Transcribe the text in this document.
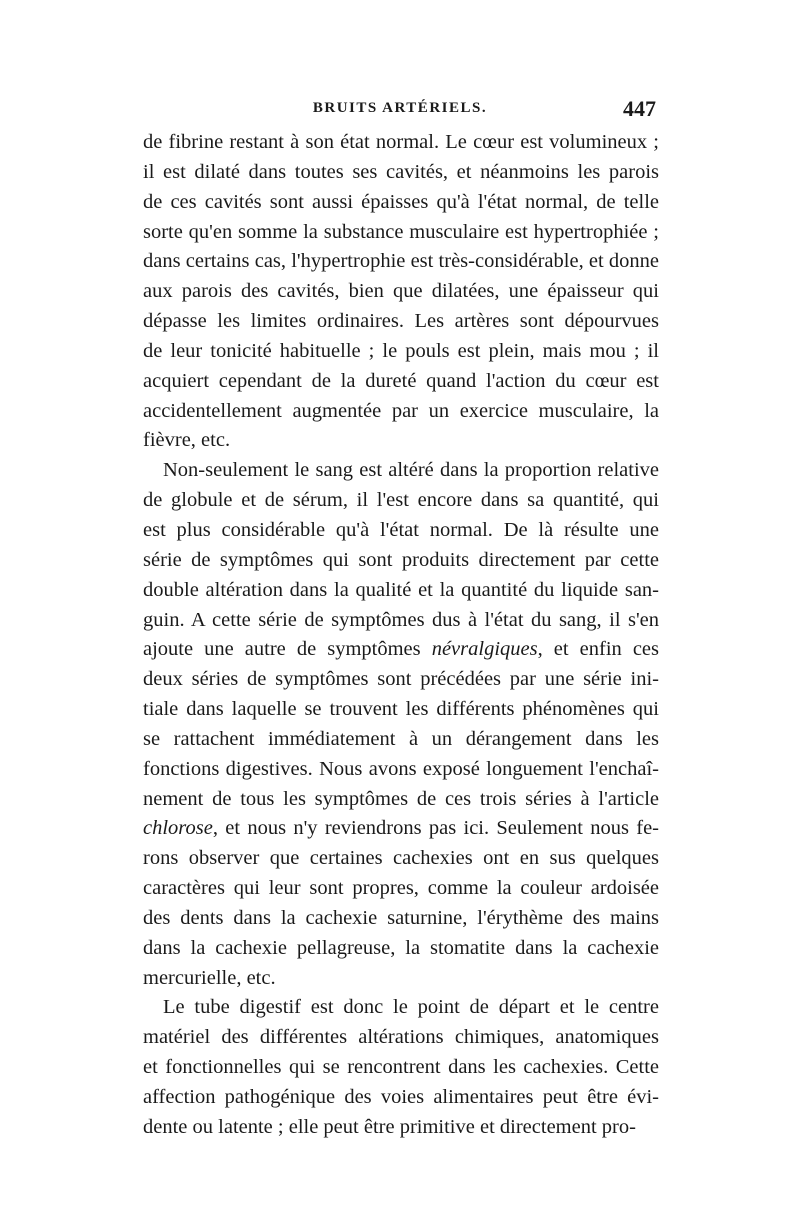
BRUITS ARTÉRIELS.	447
de fibrine restant à son état normal. Le cœur est volumineux ;
il est dilaté dans toutes ses cavités, et néanmoins les parois
de ces cavités sont aussi épaisses qu'à l'état normal, de telle
sorte qu'en somme la substance musculaire est hypertrophiée ;
dans certains cas, l'hypertrophie est très-considérable, et donne
aux parois des cavités, bien que dilatées, une épaisseur qui
dépasse les limites ordinaires. Les artères sont dépourvues
de leur tonicité habituelle ; le pouls est plein, mais mou ; il
acquiert cependant de la dureté quand l'action du cœur est
accidentellement augmentée par un exercice musculaire, la
fièvre, etc.
Non-seulement le sang est altéré dans la proportion relative
de globule et de sérum, il l'est encore dans sa quantité, qui
est plus considérable qu'à l'état normal. De là résulte une
série de symptômes qui sont produits directement par cette
double altération dans la qualité et la quantité du liquide san-
guin. A cette série de symptômes dus à l'état du sang, il s'en
ajoute une autre de symptômes névralgiques, et enfin ces
deux séries de symptômes sont précédées par une série ini-
tiale dans laquelle se trouvent les différents phénomènes qui
se rattachent immédiatement à un dérangement dans les
fonctions digestives. Nous avons exposé longuement l'enchaî-
nement de tous les symptômes de ces trois séries à l'article
chlorose, et nous n'y reviendrons pas ici. Seulement nous fe-
rons observer que certaines cachexies ont en sus quelques
caractères qui leur sont propres, comme la couleur ardoisée
des dents dans la cachexie saturnine, l'érythème des mains
dans la cachexie pellagreuse, la stomatite dans la cachexie
mercurielle, etc.
Le tube digestif est donc le point de départ et le centre
matériel des différentes altérations chimiques, anatomiques
et fonctionnelles qui se rencontrent dans les cachexies. Cette
affection pathogénique des voies alimentaires peut être évi-
dente ou latente ; elle peut être primitive et directement pro-
